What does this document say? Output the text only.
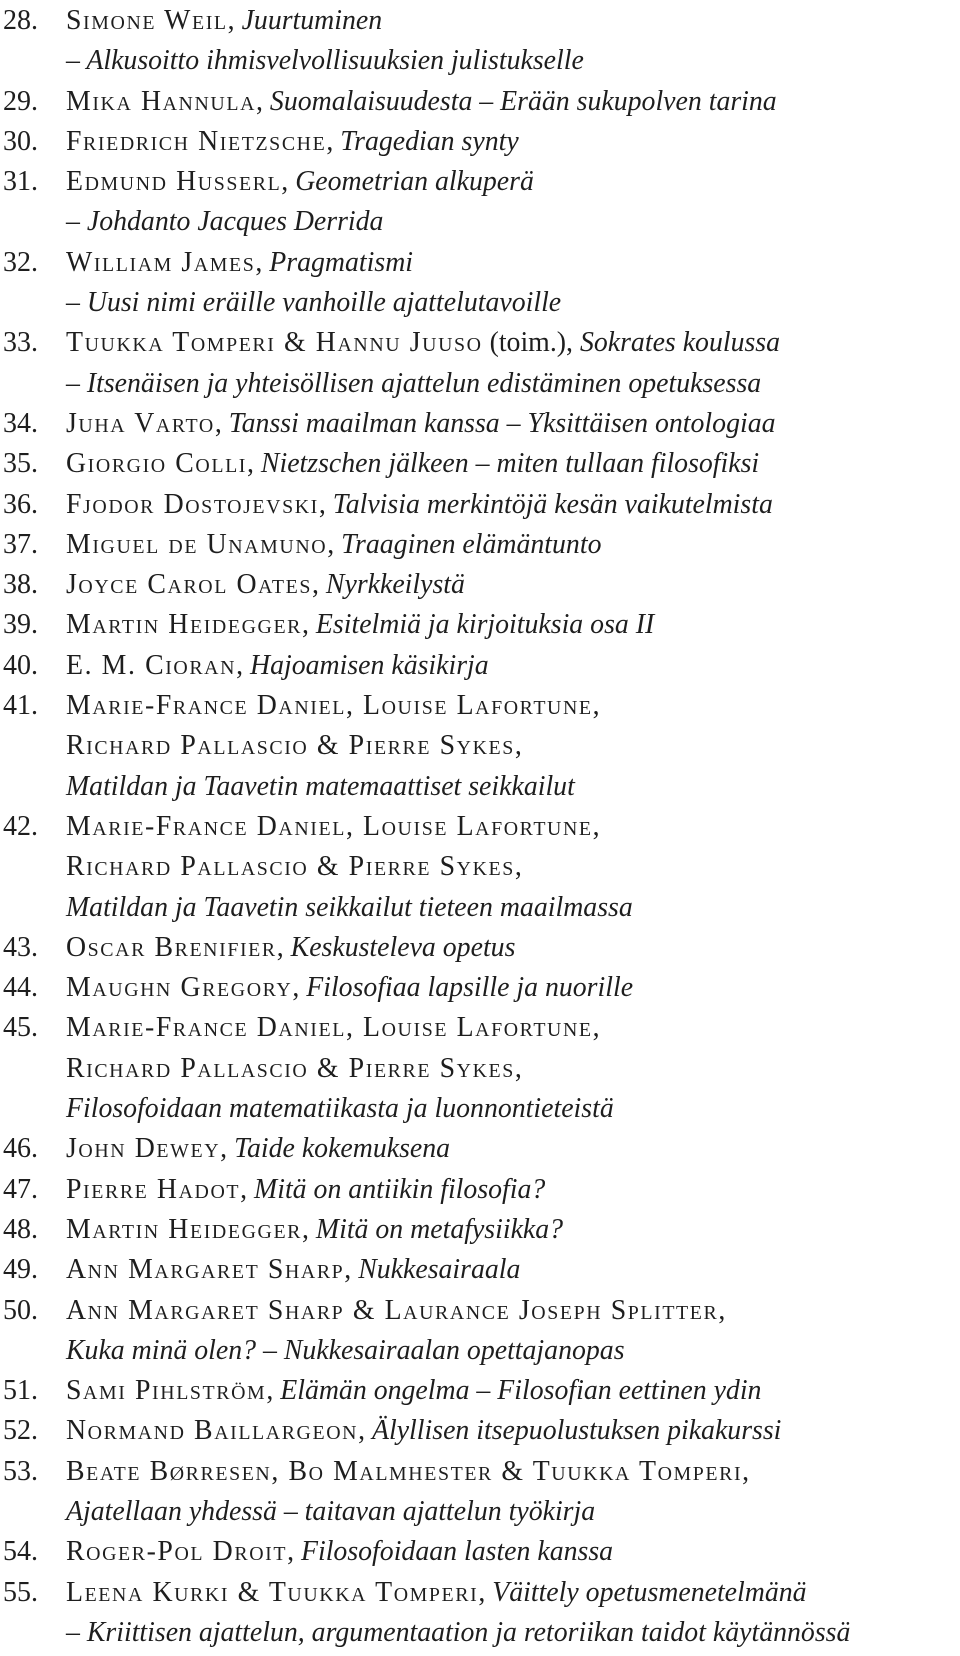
28. Simone Weil, Juurtuminen
– Alkusoitto ihmisvelvollisuuksien julistukselle
29. Mika Hannula, Suomalaisuudesta – Erään sukupolven tarina
30. Friedrich Nietzsche, Tragedian synty
31. Edmund Husserl, Geometrian alkuperä
– Johdanto Jacques Derrida
32. William James, Pragmatismi
– Uusi nimi eräille vanhoille ajattelutavoille
33. Tuukka Tomperi & Hannu Juuso (toim.), Sokrates koulussa
– Itsenäisen ja yhteisöllisen ajattelun edistäminen opetuksessa
34. Juha Varto, Tanssi maailman kanssa – Yksittäisen ontologiaa
35. Giorgio Colli, Nietzschen jälkeen – miten tullaan filosofiksi
36. Fjodor Dostojevski, Talvisia merkintöjä kesän vaikutelmista
37. Miguel de Unamuno, Traaginen elämäntunto
38. Joyce Carol Oates, Nyrkkeilystä
39. Martin Heidegger, Esitelmiä ja kirjoituksia osa II
40. E. M. Cioran, Hajoamisen käsikirja
41. Marie-France Daniel, Louise Lafortune,
Richard Pallascio & Pierre Sykes,
Matildan ja Taavetin matemaattiset seikkailut
42. Marie-France Daniel, Louise Lafortune,
Richard Pallascio & Pierre Sykes,
Matildan ja Taavetin seikkailut tieteen maailmassa
43. Oscar Brenifier, Keskusteleva opetus
44. Maughn Gregory, Filosofiaa lapsille ja nuorille
45. Marie-France Daniel, Louise Lafortune,
Richard Pallascio & Pierre Sykes,
Filosofoidaan matematiikasta ja luonnontieteistä
46. John Dewey, Taide kokemuksena
47. Pierre Hadot, Mitä on antiikin filosofia?
48. Martin Heidegger, Mitä on metafysiikka?
49. Ann Margaret Sharp, Nukkesairaala
50. Ann Margaret Sharp & Laurance Joseph Splitter,
Kuka minä olen? – Nukkesairaalan opettajanopas
51. Sami Pihlström, Elämän ongelma – Filosofian eettinen ydin
52. Normand Baillargeon, Älyllisen itsepuolustuksen pikakurssi
53. Beate Børresen, Bo Malmhester & Tuukka Tomperi,
Ajatellaan yhdessä – taitavan ajattelun työkirja
54. Roger-Pol Droit, Filosofoidaan lasten kanssa
55. Leena Kurki & Tuukka Tomperi, Väittely opetusmenetelmänä
– Kriittisen ajattelun, argumentaation ja retoriikan taidot käytännössä
